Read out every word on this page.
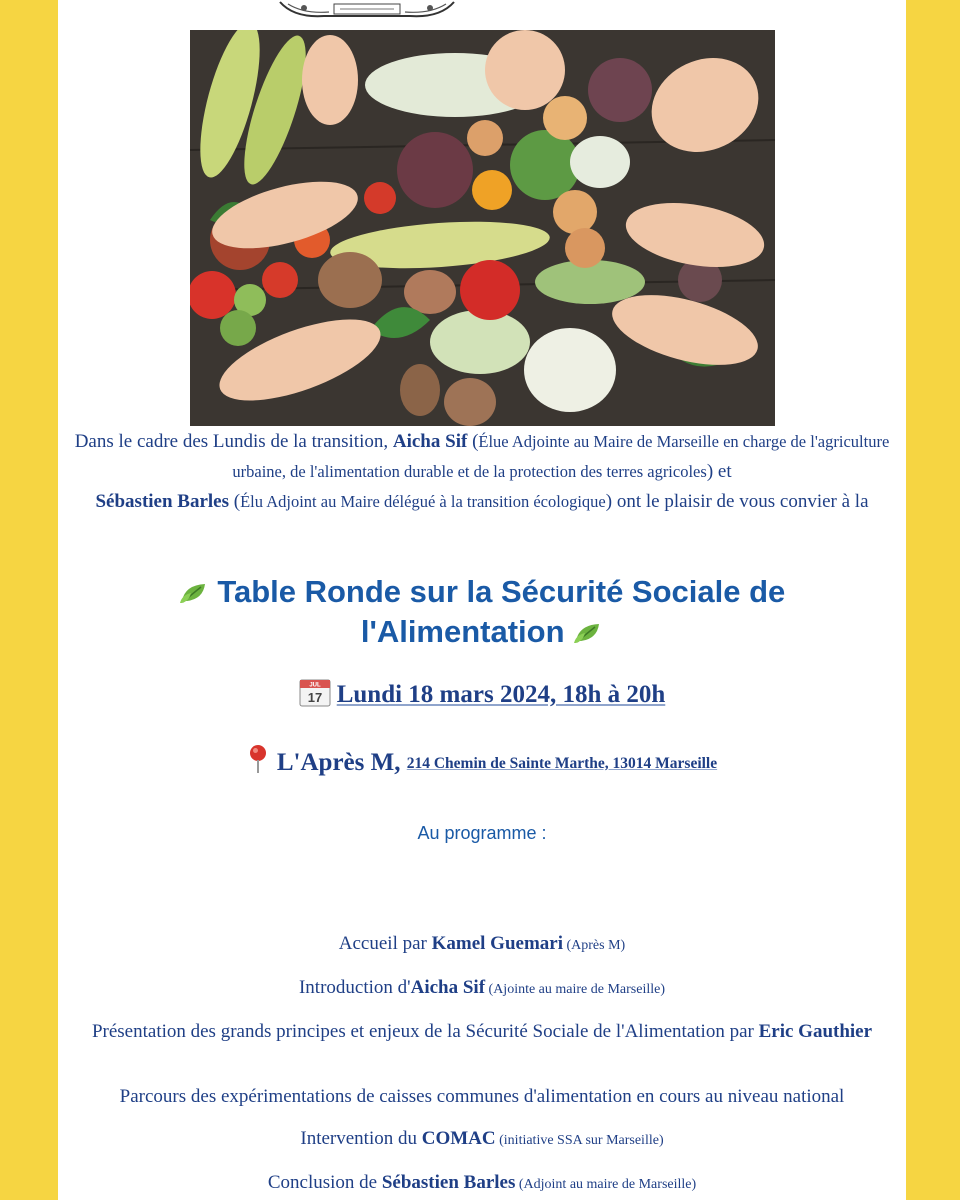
Dans le cadre des Lundis de la transition, Aicha Sif (Élue Adjointe au Maire de Marseille en charge de l'agriculture urbaine, de l'alimentation durable et de la protection des terres agricoles) et
Sébastien Barles (Élu Adjoint au Maire délégué à la transition écologique) ont le plaisir de vous convier à la
Table Ronde sur la Sécurité Sociale de
l'Alimentation
JUL
17 Lundi 18 mars 2024, 18h à 20h
L'Après M, 214 Chemin de Sainte Marthe, 13014 Marseille
Au programme :
Accueil par Kamel Guemari (Après M)
Introduction d'Aicha Sif (Ajointe au maire de Marseille)
Présentation des grands principes et enjeux de la Sécurité Sociale de l'Alimentation par Eric Gauthier
Parcours des expérimentations de caisses communes d'alimentation en cours au niveau national
Intervention du COMAC (initiative SSA sur Marseille)
Conclusion de Sébastien Barles (Adjoint au maire de Marseille)
